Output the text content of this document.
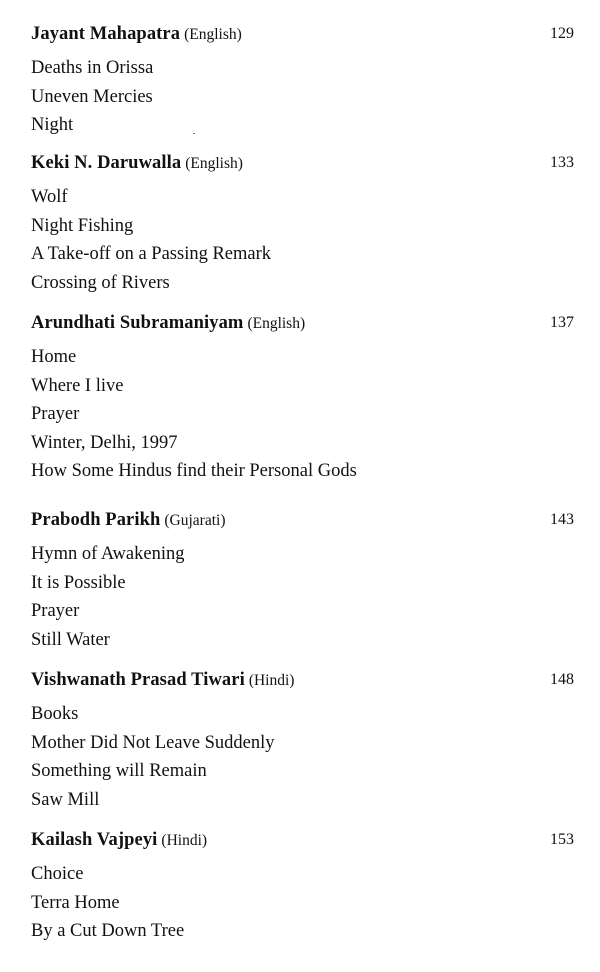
Jayant Mahapatra (English)	129
Deaths in Orissa
Uneven Mercies
Night
Keki N. Daruwalla (English)	133
Wolf
Night Fishing
A Take-off on a Passing Remark
Crossing of Rivers
Arundhati Subramaniyam (English)	137
Home
Where I live
Prayer
Winter, Delhi, 1997
How Some Hindus find their Personal Gods
Prabodh Parikh (Gujarati)	143
Hymn of Awakening
It is Possible
Prayer
Still Water
Vishwanath Prasad Tiwari (Hindi)	148
Books
Mother Did Not Leave Suddenly
Something will Remain
Saw Mill
Kailash Vajpeyi (Hindi)	153
Choice
Terra Home
By a Cut Down Tree
